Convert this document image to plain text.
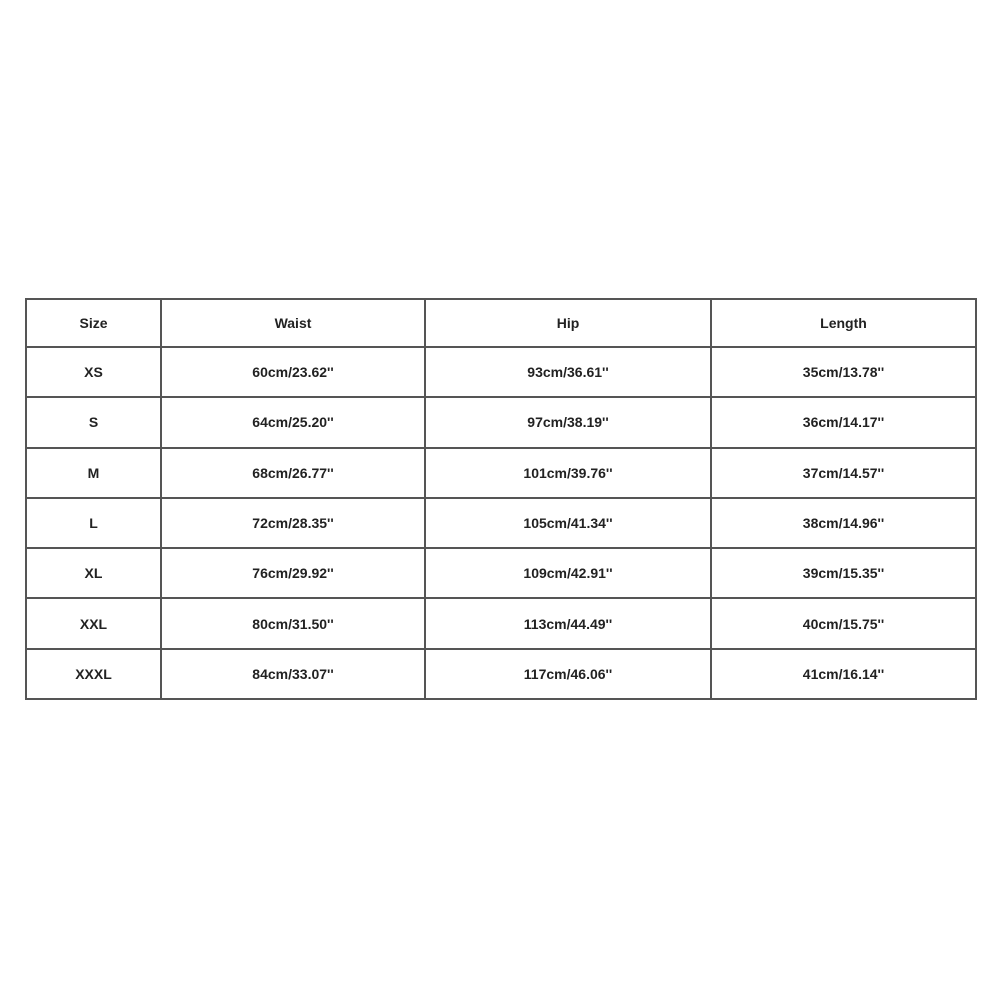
Size	Waist	Hip	Length
XS	60cm/23.62''	93cm/36.61''	35cm/13.78''
S	64cm/25.20''	97cm/38.19''	36cm/14.17''
M	68cm/26.77''	101cm/39.76''	37cm/14.57''
L	72cm/28.35''	105cm/41.34''	38cm/14.96''
XL	76cm/29.92''	109cm/42.91''	39cm/15.35''
XXL	80cm/31.50''	113cm/44.49''	40cm/15.75''
XXXL	84cm/33.07''	117cm/46.06''	41cm/16.14''
